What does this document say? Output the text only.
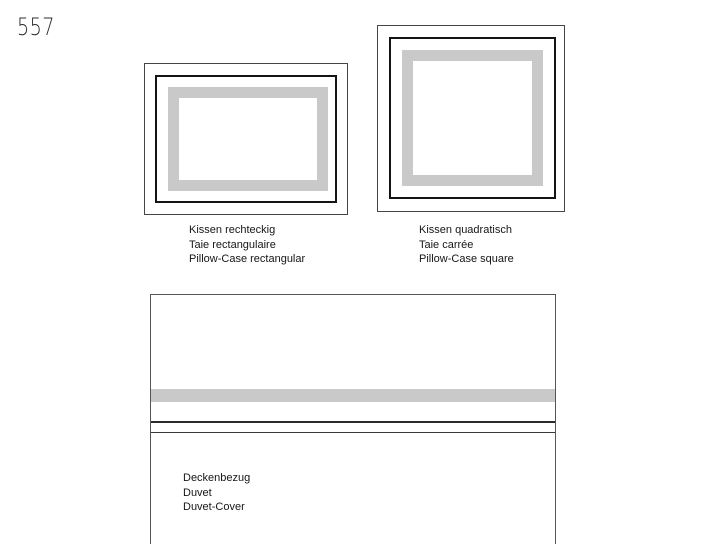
557
Kissen rechteckig
Taie rectangulaire
Pillow-Case rectangular
Kissen quadratisch
Taie carrée
Pillow-Case square
Deckenbezug
Duvet
Duvet-Cover
